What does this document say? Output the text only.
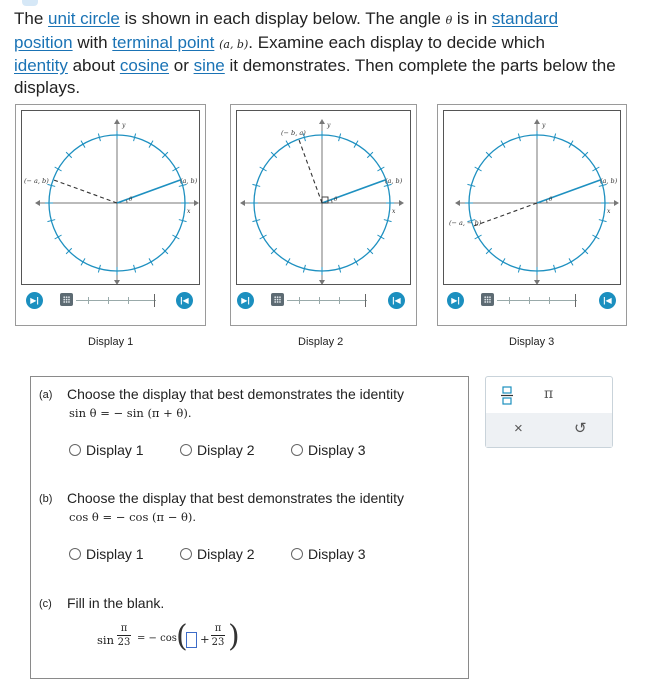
The unit circle is shown in each display below. The angle θ is in standard
position with terminal point (a, b). Examine each display to decide which
identity about cosine or sine it demonstrates. Then complete the parts below the displays.
y
x
θ
(a, b)
(− a, b)
▶|	|◀
y
x
θ
(a, b)
(− b, a)
▶|	|◀
y
x
θ
(a, b)
(− a, − b)
▶|	|◀
Display 1	Display 2	Display 3
(a) Choose the display that best demonstrates the identity
sin θ = − sin (π + θ).
Display 1	Display 2	Display 3
(b) Choose the display that best demonstrates the identity
cos θ = − cos (π − θ).
Display 1	Display 2	Display 3
(c) Fill in the blank.
sin
π
23 = − cos ( +
π
23 )
π
×	↺
